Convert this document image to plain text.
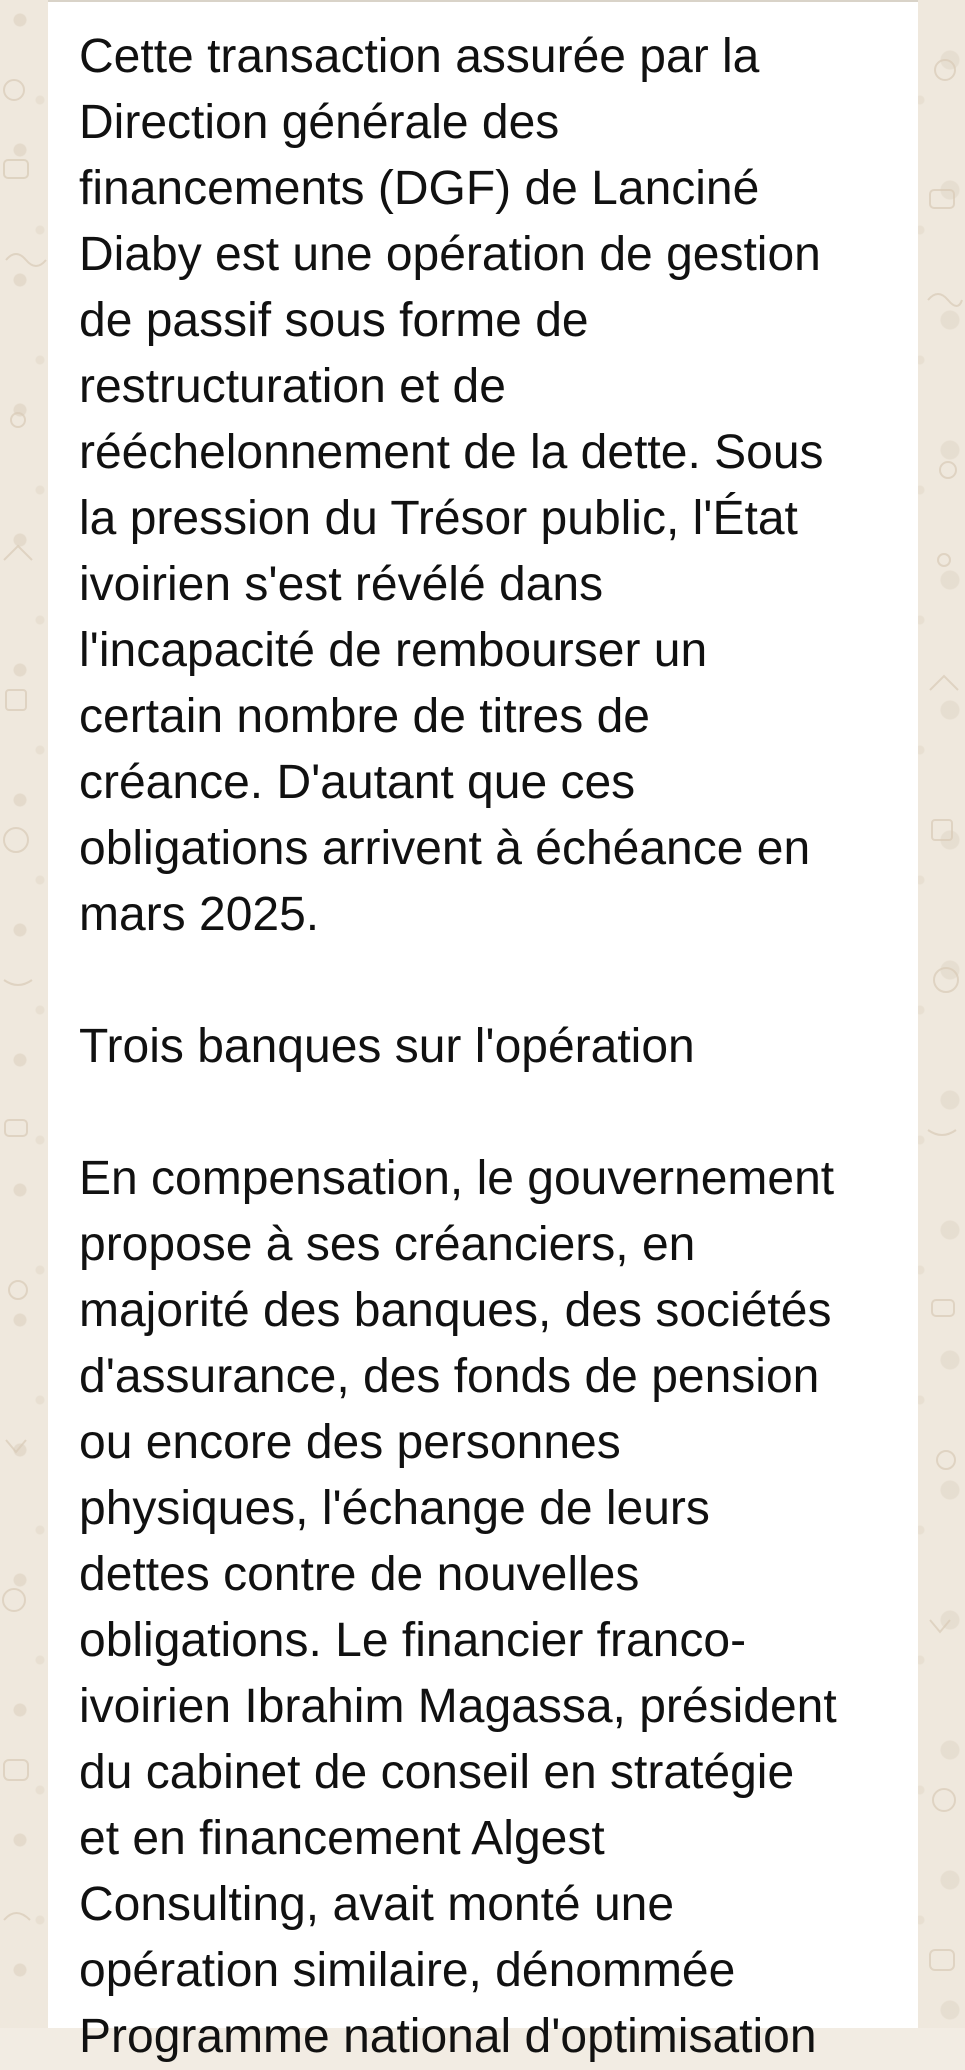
Cette transaction assurée par la
Direction générale des
financements (DGF) de Lanciné
Diaby est une opération de gestion
de passif sous forme de
restructuration et de
rééchelonnement de la dette. Sous
la pression du Trésor public, l'État
ivoirien s'est révélé dans
l'incapacité de rembourser un
certain nombre de titres de
créance. D'autant que ces
obligations arrivent à échéance en
mars 2025.

Trois banques sur l'opération

En compensation, le gouvernement
propose à ses créanciers, en
majorité des banques, des sociétés
d'assurance, des fonds de pension
ou encore des personnes
physiques, l'échange de leurs
dettes contre de nouvelles
obligations. Le financier franco-
ivoirien Ibrahim Magassa, président
du cabinet de conseil en stratégie
et en financement Algest
Consulting, avait monté une
opération similaire, dénommée
Programme national d'optimisation
